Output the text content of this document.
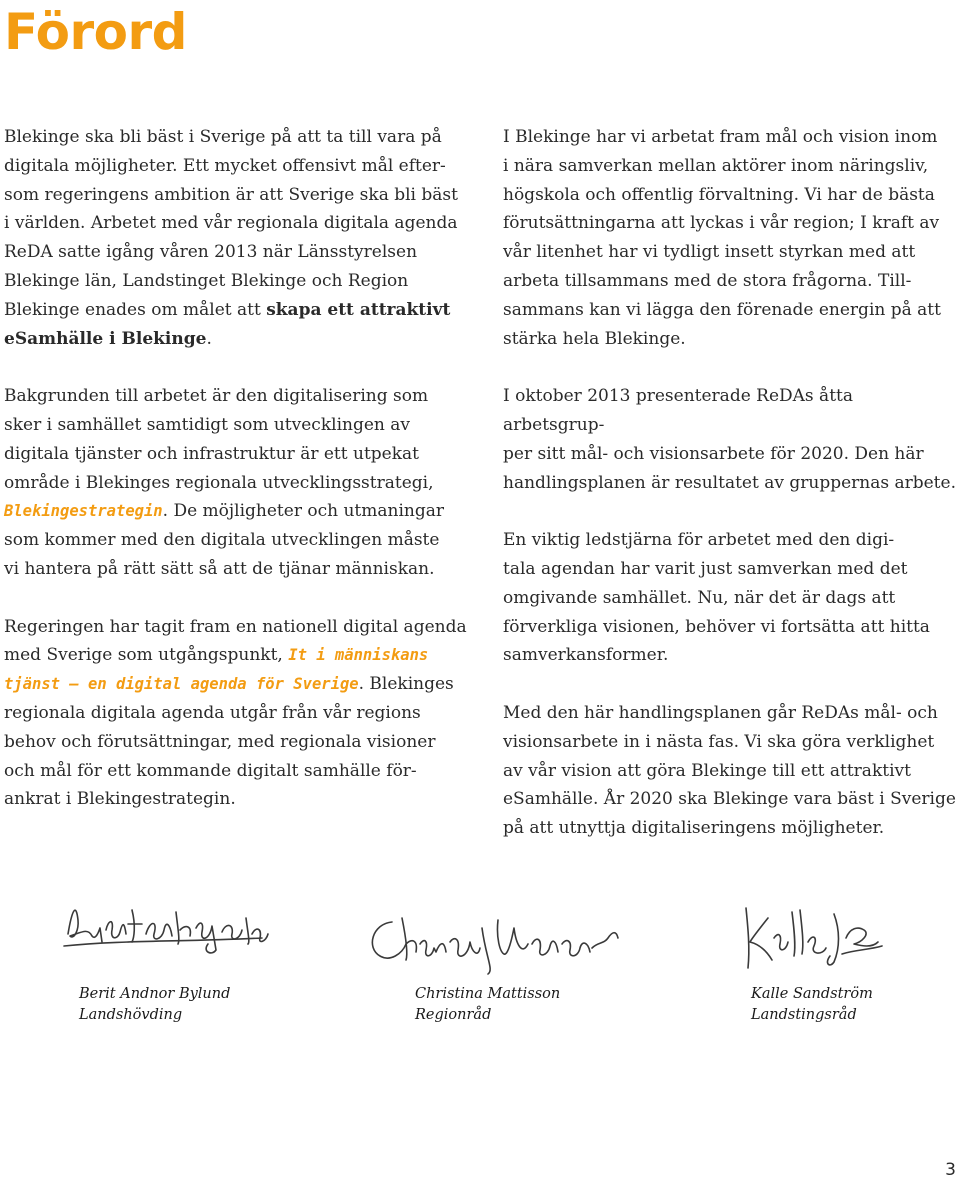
Förord

Blekinge ska bli bäst i Sverige på att ta till vara på
digitala möjligheter. Ett mycket offensivt mål efter-
som regeringens ambition är att Sverige ska bli bäst
i världen. Arbetet med vår regionala digitala agenda
ReDA satte igång våren 2013 när Länsstyrelsen
Blekinge län, Landstinget Blekinge och Region
Blekinge enades om målet att skapa ett attraktivt
eSamhälle i Blekinge.

Bakgrunden till arbetet är den digitalisering som
sker i samhället samtidigt som utvecklingen av
digitala tjänster och infrastruktur är ett utpekat
område i Blekinges regionala utvecklingsstrategi,
Blekingestrategin. De möjligheter och utmaningar
som kommer med den digitala utvecklingen måste
vi hantera på rätt sätt så att de tjänar människan.

Regeringen har tagit fram en nationell digital agenda
med Sverige som utgångspunkt, It i människans
tjänst – en digital agenda för Sverige. Blekinges
regionala digitala agenda utgår från vår regions
behov och förutsättningar, med regionala visioner
och mål för ett kommande digitalt samhälle för-
ankrat i Blekingestrategin.

I Blekinge har vi arbetat fram mål och vision inom
i nära samverkan mellan aktörer inom näringsliv,
högskola och offentlig förvaltning. Vi har de bästa
förutsättningarna att lyckas i vår region; I kraft av
vår litenhet har vi tydligt insett styrkan med att
arbeta tillsammans med de stora frågorna. Till-
sammans kan vi lägga den förenade energin på att
stärka hela Blekinge.

I oktober 2013 presenterade ReDAs åtta arbetsgrup-
per sitt mål- och visionsarbete för 2020. Den här
handlingsplanen är resultatet av gruppernas arbete.

En viktig ledstjärna för arbetet med den digi-
tala agendan har varit just samverkan med det
omgivande samhället. Nu, när det är dags att
förverkliga visionen, behöver vi fortsätta att hitta
samverkansformer.

Med den här handlingsplanen går ReDAs mål- och
visionsarbete in i nästa fas. Vi ska göra verklighet
av vår vision att göra Blekinge till ett attraktivt
eSamhälle. År 2020 ska Blekinge vara bäst i Sverige
på att utnyttja digitaliseringens möjligheter.

Berit Andnor Bylund
Landshövding
Christina Mattisson
Regionråd
Kalle Sandström
Landstingsråd
3
